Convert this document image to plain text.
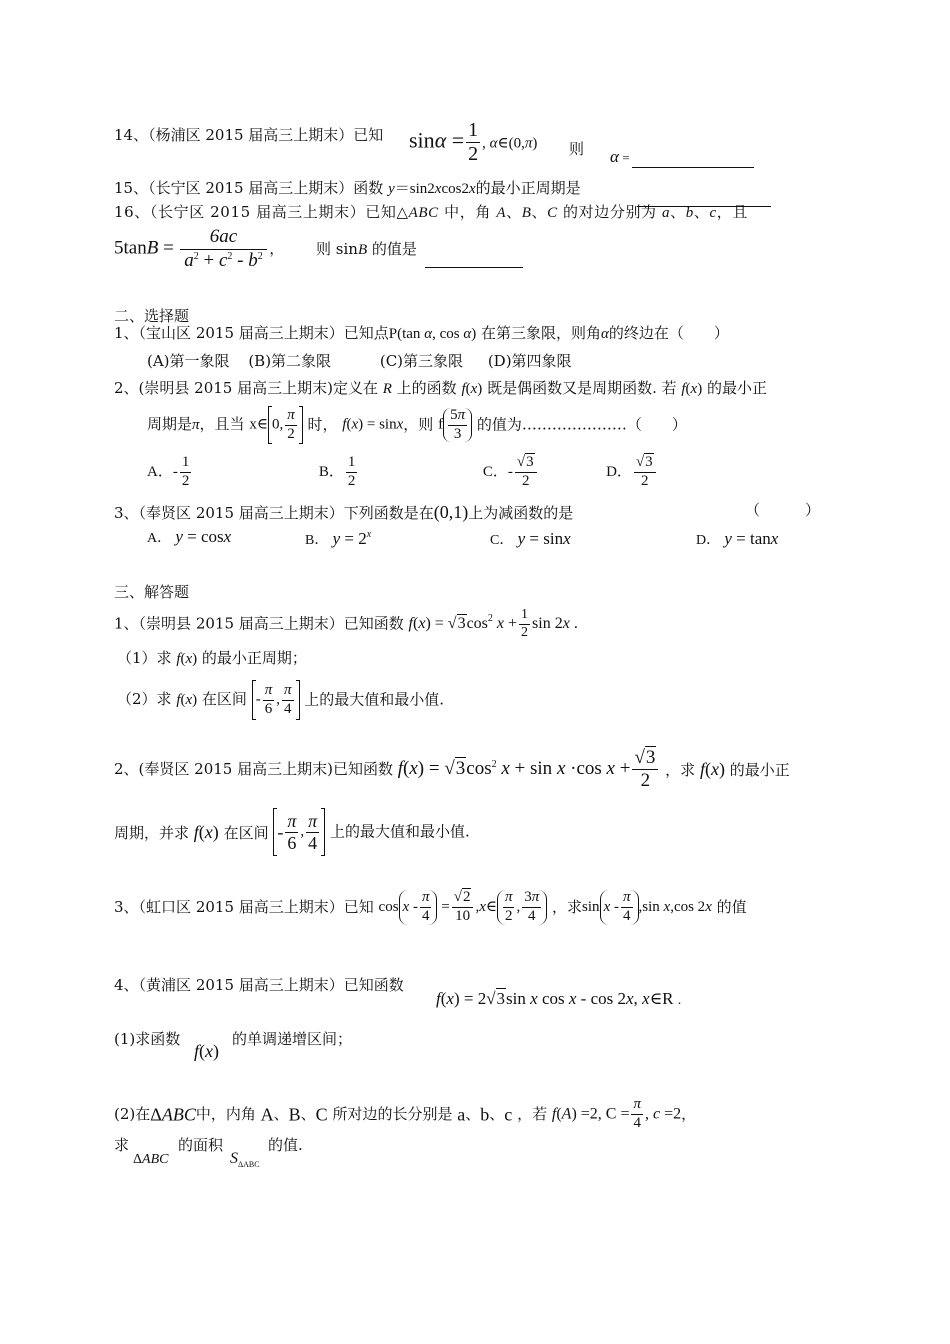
14、（杨浦区 2015 届高三上期末）已知 $\sin\alpha = \frac{1}{2}$ , α∈(0,π) 则 α =
15、（长宁区 2015 届高三上期末）函数 y＝sin2xcos2x的最小正周期是
16、（长宁区 2015 届高三上期末）已知△ABC 中，角 A、B、C 的对边分别为 a、b、c，且
$5\tan B = \frac{6ac}{a^2 + c^2 - b^2}$ ， 则 sinB 的值是
二、选择题
1、（宝山区 2015 届高三上期末）已知点P(tan α, cos α) 在第三象限，则角α的终边在（　　）
(A)第一象限 (B)第二象限	(C)第三象限 (D)第四象限
2、(崇明县 2015 届高三上期末)定义在 R 上的函数 f(x) 既是偶函数又是周期函数. 若 f(x) 的最小正
周期是π，且当 x∈ 0, $\frac{\pi}{2}$ 时， f(x) = sinx，则 f $\frac{5\pi}{3}$ 的值为…………………（　　）
A．- $\frac{1}{2}$	B． $\frac{1}{2}$	C．- $\frac{√3}{2}$	D． $\frac{√3}{2}$
3、（奉贤区 2015 届高三上期末）下列函数是在(0,1)上为减函数的是	（　　　）
A． y = cosx	B． $y = 2^x$	C． y = sinx	D． y = tanx
三、解答题
1、（崇明县 2015 届高三上期末）已知函数 $f(x) = √3\cos^2$ $x + \frac{1}{2}$ sin 2x .
（1）求 f(x) 的最小正周期；
（2）求 f(x) 在区间 - $\frac{\pi}{6}$ , $\frac{\pi}{4}$ 上的最大值和最小值.
2、(奉贤区 2015 届高三上期末)已知函数 $f(x) = √3\cos^2$ x + sin x ·cos $x + \frac{√3}{2}$ ，求 f(x) 的最小正
周期，并求 f(x) 在区间 - $\frac{\pi}{6}$ , $\frac{\pi}{4}$ 上的最大值和最小值.
3、（虹口区 2015 届高三上期末）已知 $\cos x - \frac{\pi}{4} = \frac{√2}{10}$ ,x∈ $\frac{\pi}{2}$ , $\frac{3\pi}{4}$ ，求sin x - $\frac{\pi}{4} ,\sin$ x,cos 2x 的值
4、（黄浦区 2015 届高三上期末）已知函数
f(x) = 2√3sin x cos x - cos 2x, x∈R .
(1)求函数
f(x)
的单调递增区间；
(2)在ΔABC中，内角 A、B、C 所对边的长分别是 a、b、c ，若 f(A) =2, $C = \frac{\pi}{4}$ , c =2，
求
ΔABC
的面积
$S_{\Delta ABC}$
的值.
